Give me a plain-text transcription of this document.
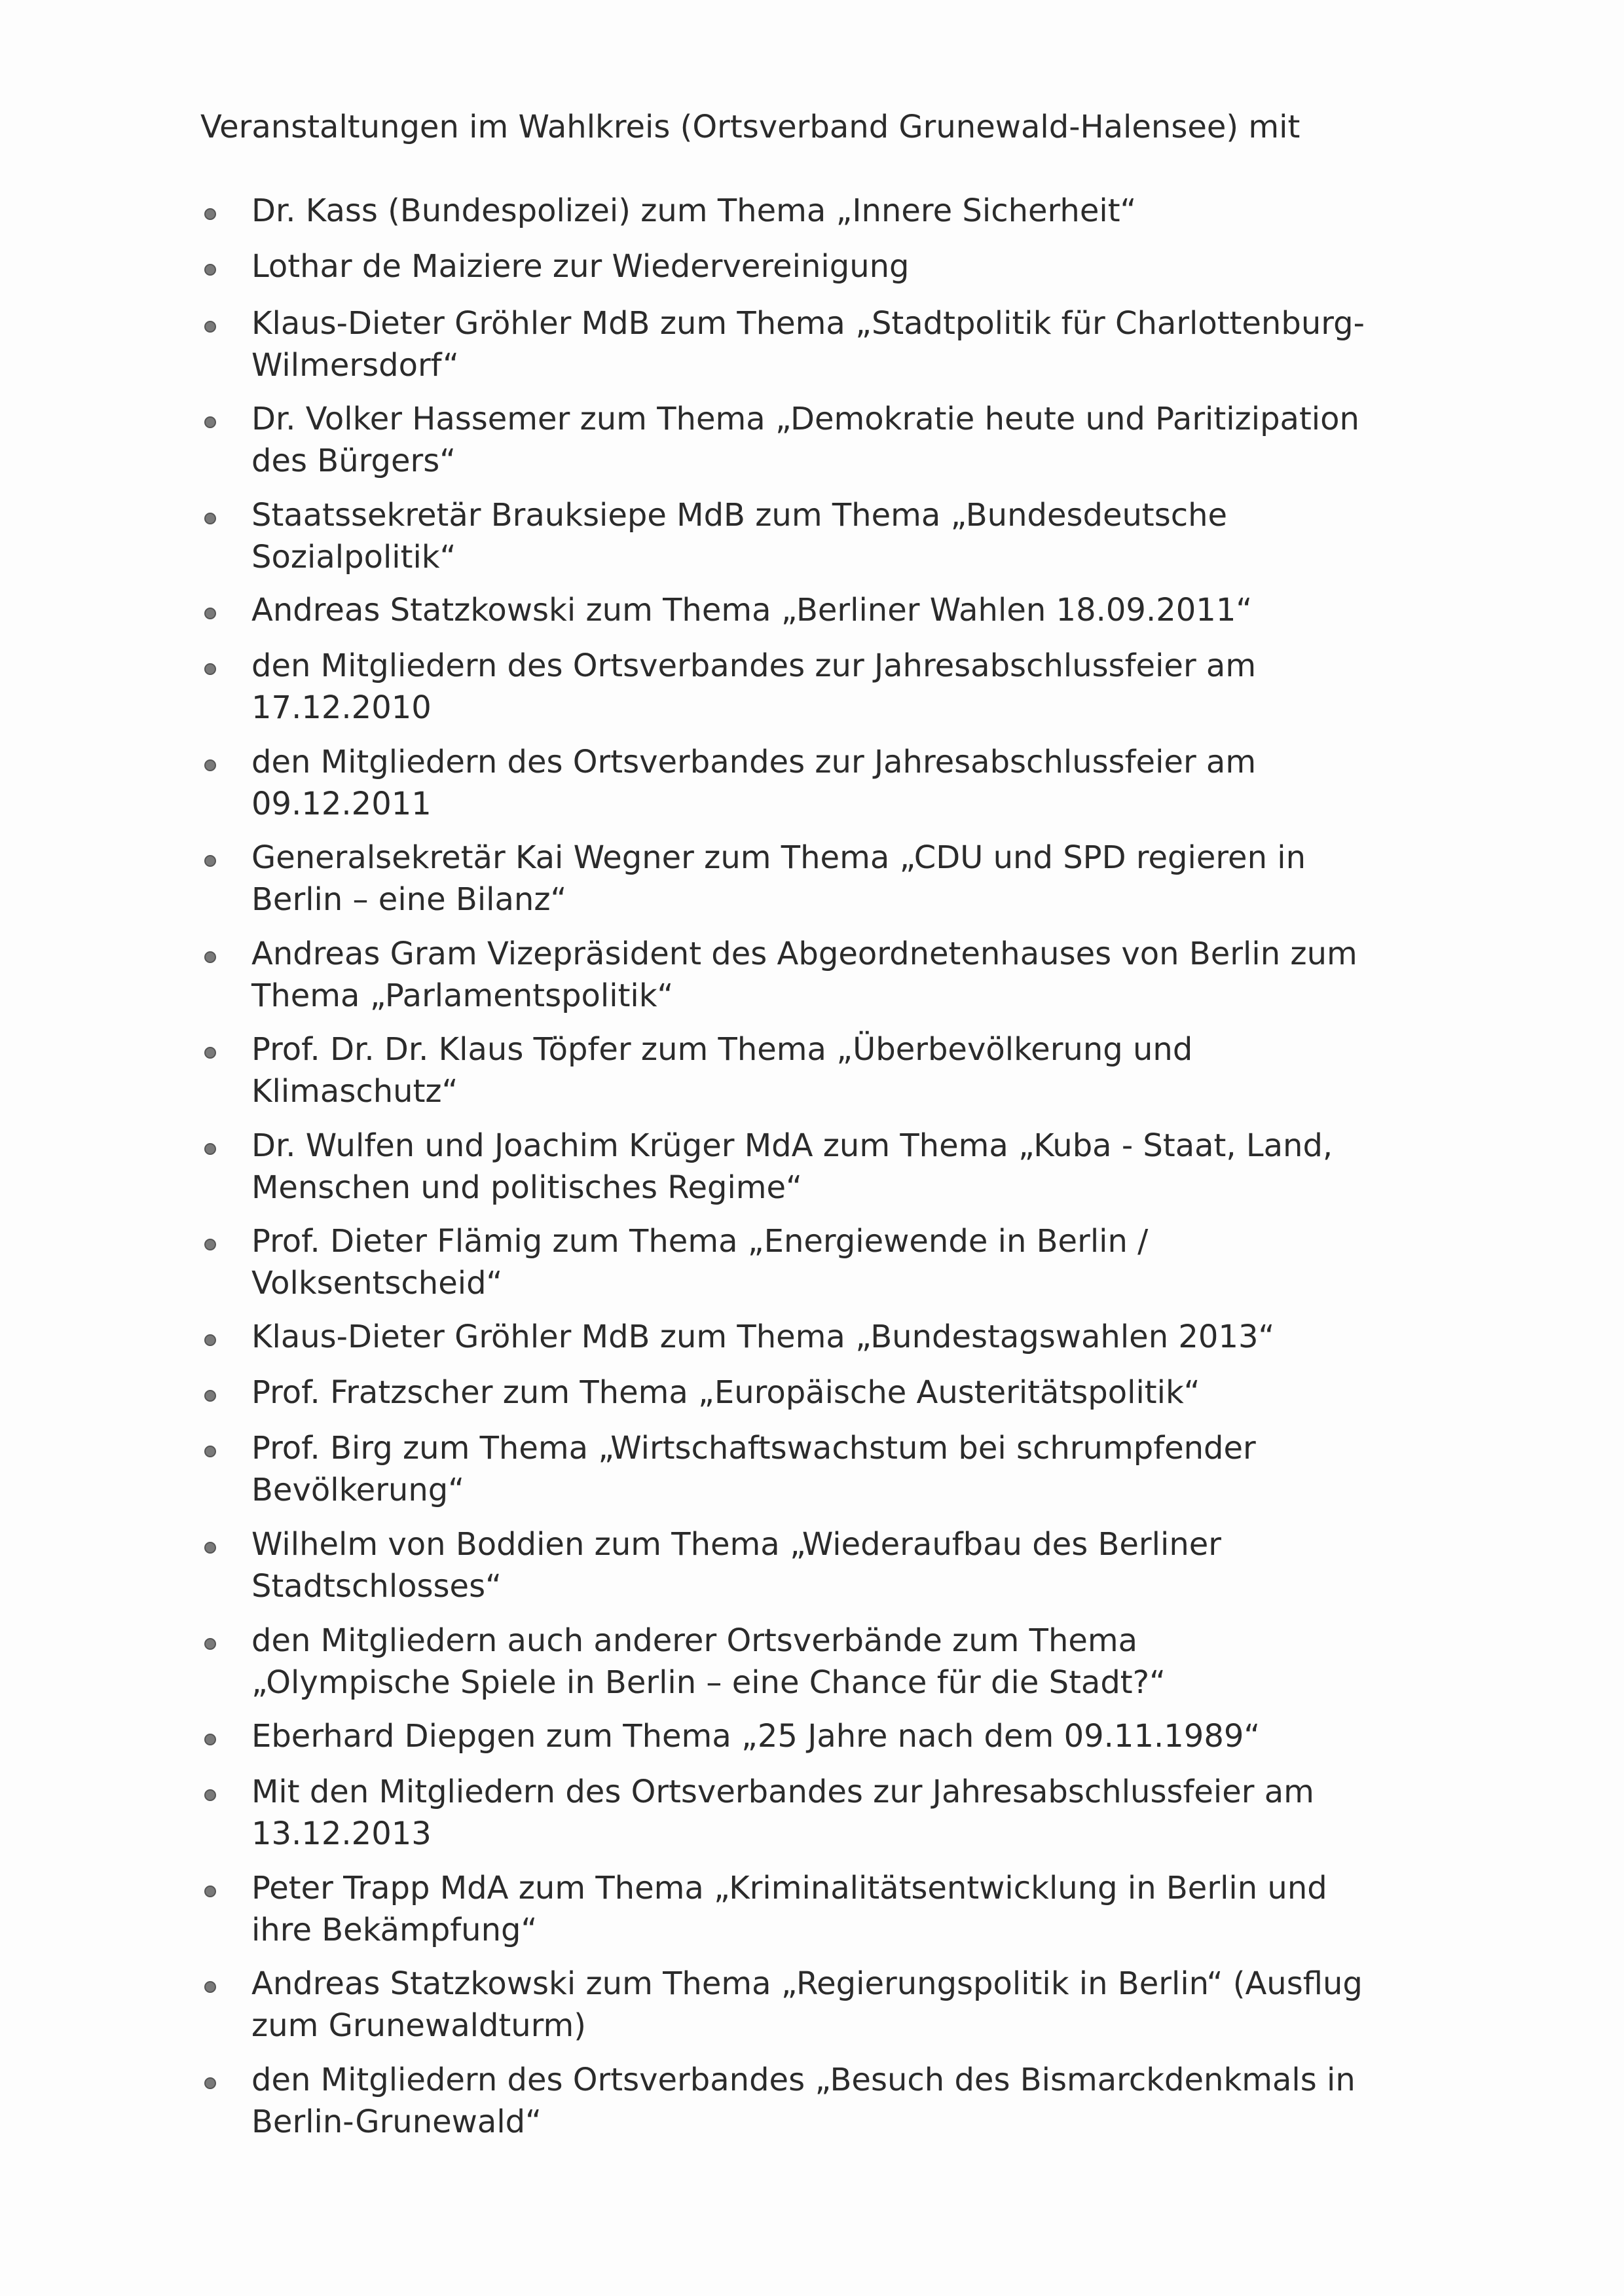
Veranstaltungen im Wahlkreis (Ortsverband Grunewald-Halensee) mit
Dr. Kass (Bundespolizei) zum Thema „Innere Sicherheit“
Lothar de Maiziere zur Wiedervereinigung
Klaus-Dieter Gröhler MdB zum Thema „Stadtpolitik für Charlottenburg-
Wilmersdorf“
Dr. Volker Hassemer zum Thema „Demokratie heute und Paritizipation
des Bürgers“
Staatssekretär Brauksiepe MdB zum Thema „Bundesdeutsche
Sozialpolitik“
Andreas Statzkowski zum Thema „Berliner Wahlen 18.09.2011“
den Mitgliedern des Ortsverbandes zur Jahresabschlussfeier am
17.12.2010
den Mitgliedern des Ortsverbandes zur Jahresabschlussfeier am
09.12.2011
Generalsekretär Kai Wegner zum Thema „CDU und SPD regieren in
Berlin – eine Bilanz“
Andreas Gram Vizepräsident des Abgeordnetenhauses von Berlin zum
Thema „Parlamentspolitik“
Prof. Dr. Dr. Klaus Töpfer zum Thema „Überbevölkerung und
Klimaschutz“
Dr. Wulfen und Joachim Krüger MdA zum Thema „Kuba - Staat, Land,
Menschen und politisches Regime“
Prof. Dieter Flämig zum Thema „Energiewende in Berlin /
Volksentscheid“
Klaus-Dieter Gröhler MdB zum Thema „Bundestagswahlen 2013“
Prof. Fratzscher zum Thema „Europäische Austeritätspolitik“
Prof. Birg zum Thema „Wirtschaftswachstum bei schrumpfender
Bevölkerung“
Wilhelm von Boddien zum Thema „Wiederaufbau des Berliner
Stadtschlosses“
den Mitgliedern auch anderer Ortsverbände zum Thema
„Olympische Spiele in Berlin – eine Chance für die Stadt?“
Eberhard Diepgen zum Thema „25 Jahre nach dem 09.11.1989“
Mit den Mitgliedern des Ortsverbandes zur Jahresabschlussfeier am
13.12.2013
Peter Trapp MdA zum Thema „Kriminalitätsentwicklung in Berlin und
ihre Bekämpfung“
Andreas Statzkowski zum Thema „Regierungspolitik in Berlin“ (Ausflug
zum Grunewaldturm)
den Mitgliedern des Ortsverbandes „Besuch des Bismarckdenkmals in
Berlin-Grunewald“
